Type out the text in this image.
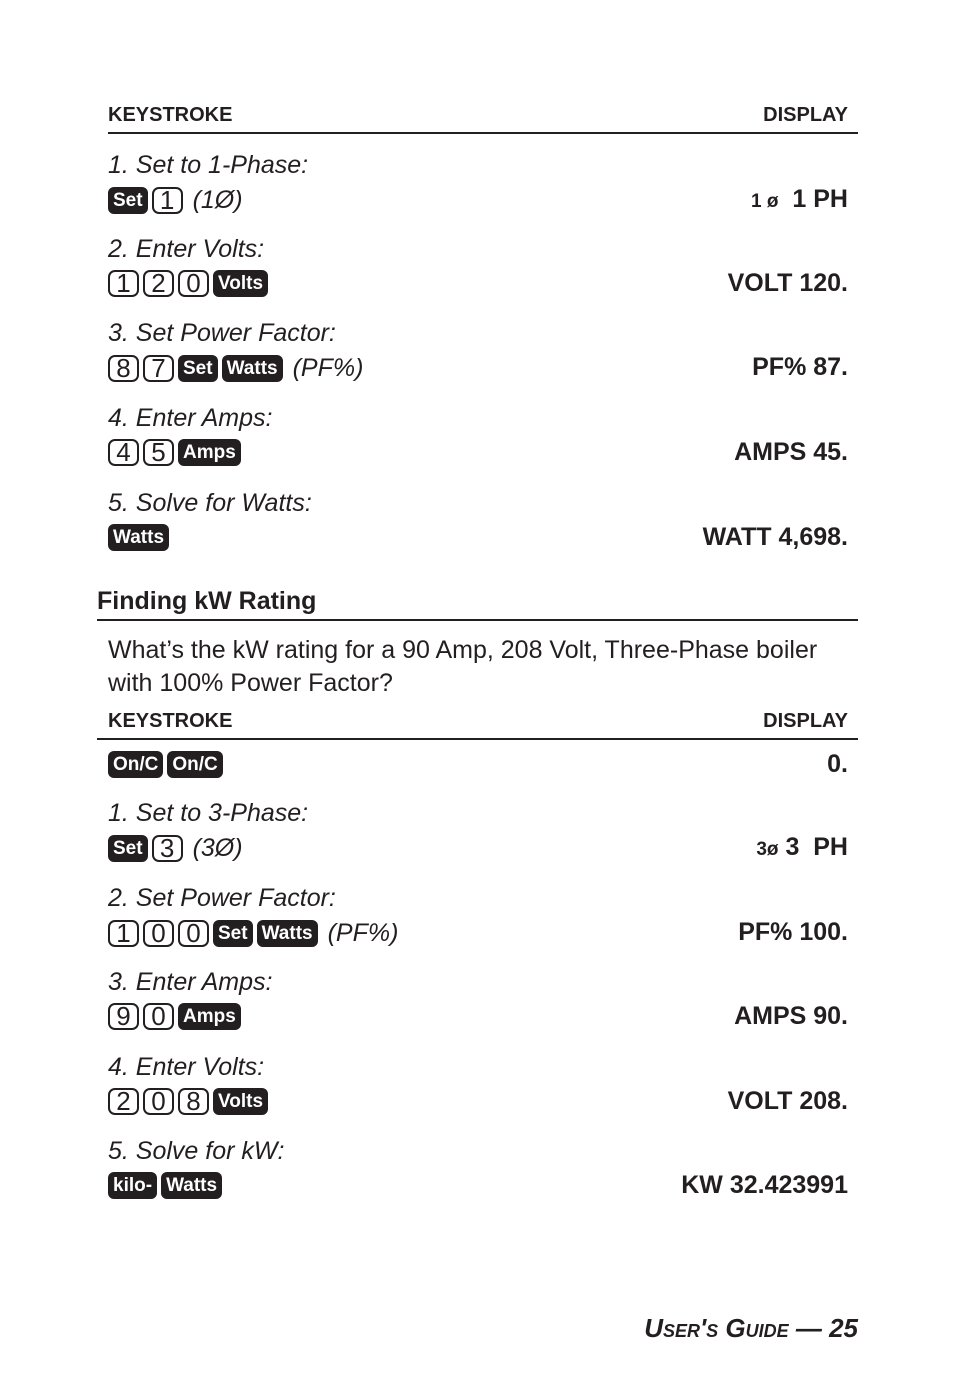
KEYSTROKE	DISPLAY
1. Set to 1-Phase:
Set 1 (1Ø)	1 ø 1 PH
2. Enter Volts:
1 2 0 Volts	VOLT 120.
3. Set Power Factor:
8 7 Set Watts (PF%)	PF% 87.
4. Enter Amps:
4 5 Amps	AMPS 45.
5. Solve for Watts:
Watts	WATT 4,698.
Finding kW Rating
What’s the kW rating for a 90 Amp, 208 Volt, Three-Phase boiler with 100% Power Factor?
KEYSTROKE	DISPLAY
On/C On/C	0.
1. Set to 3-Phase:
Set 3 (3Ø)	3ø 3  PH
2. Set Power Factor:
1 0 0 Set Watts (PF%)	PF% 100.
3. Enter Amps:
9 0 Amps	AMPS 90.
4. Enter Volts:
2 0 8 Volts	VOLT 208.
5. Solve for kW:
kilo- Watts	KW 32.423991
User's Guide — 25
